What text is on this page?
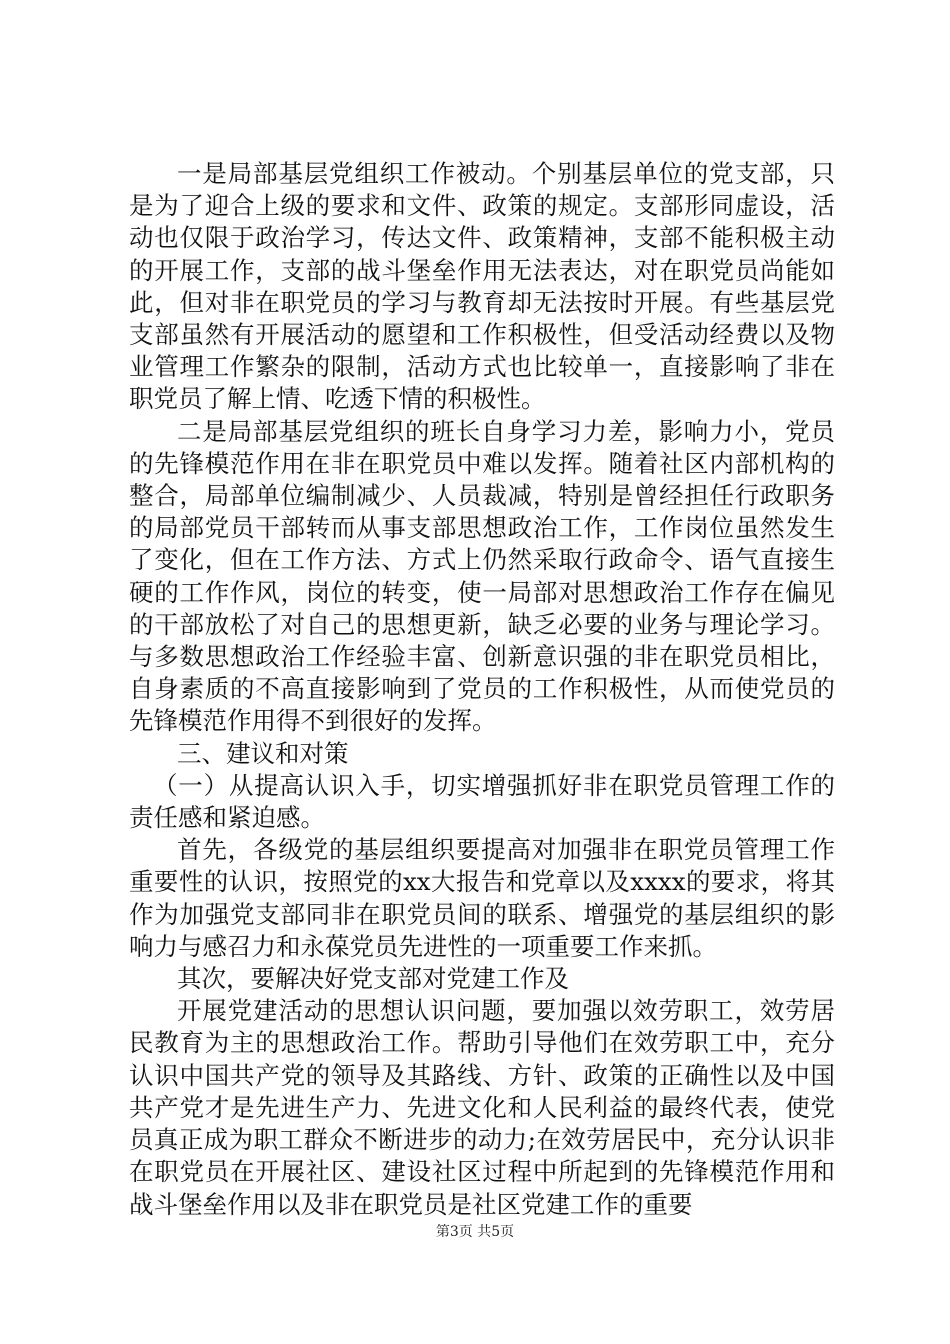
一是局部基层党组织工作被动。个别基层单位的党支部，只是为了迎合上级的要求和文件、政策的规定。支部形同虚设，活动也仅限于政治学习，传达文件、政策精神，支部不能积极主动的开展工作，支部的战斗堡垒作用无法表达，对在职党员尚能如此，但对非在职党员的学习与教育却无法按时开展。有些基层党支部虽然有开展活动的愿望和工作积极性，但受活动经费以及物业管理工作繁杂的限制，活动方式也比较单一，直接影响了非在职党员了解上情、吃透下情的积极性。

二是局部基层党组织的班长自身学习力差，影响力小，党员的先锋模范作用在非在职党员中难以发挥。随着社区内部机构的整合，局部单位编制减少、人员裁减，特别是曾经担任行政职务的局部党员干部转而从事支部思想政治工作，工作岗位虽然发生了变化，但在工作方法、方式上仍然采取行政命令、语气直接生硬的工作作风，岗位的转变，使一局部对思想政治工作存在偏见的干部放松了对自己的思想更新，缺乏必要的业务与理论学习。与多数思想政治工作经验丰富、创新意识强的非在职党员相比，自身素质的不高直接影响到了党员的工作积极性，从而使党员的先锋模范作用得不到很好的发挥。

三、建议和对策

（一）从提高认识入手，切实增强抓好非在职党员管理工作的责任感和紧迫感。

首先，各级党的基层组织要提高对加强非在职党员管理工作重要性的认识，按照党的xx大报告和党章以及xxxx的要求，将其作为加强党支部同非在职党员间的联系、增强党的基层组织的影响力与感召力和永葆党员先进性的一项重要工作来抓。

其次，要解决好党支部对党建工作及

开展党建活动的思想认识问题，要加强以效劳职工，效劳居民教育为主的思想政治工作。帮助引导他们在效劳职工中，充分认识中国共产党的领导及其路线、方针、政策的正确性以及中国共产党才是先进生产力、先进文化和人民利益的最终代表，使党员真正成为职工群众不断进步的动力;在效劳居民中，充分认识非在职党员在开展社区、建设社区过程中所起到的先锋模范作用和战斗堡垒作用以及非在职党员是社区党建工作的重要

第3页 共5页
